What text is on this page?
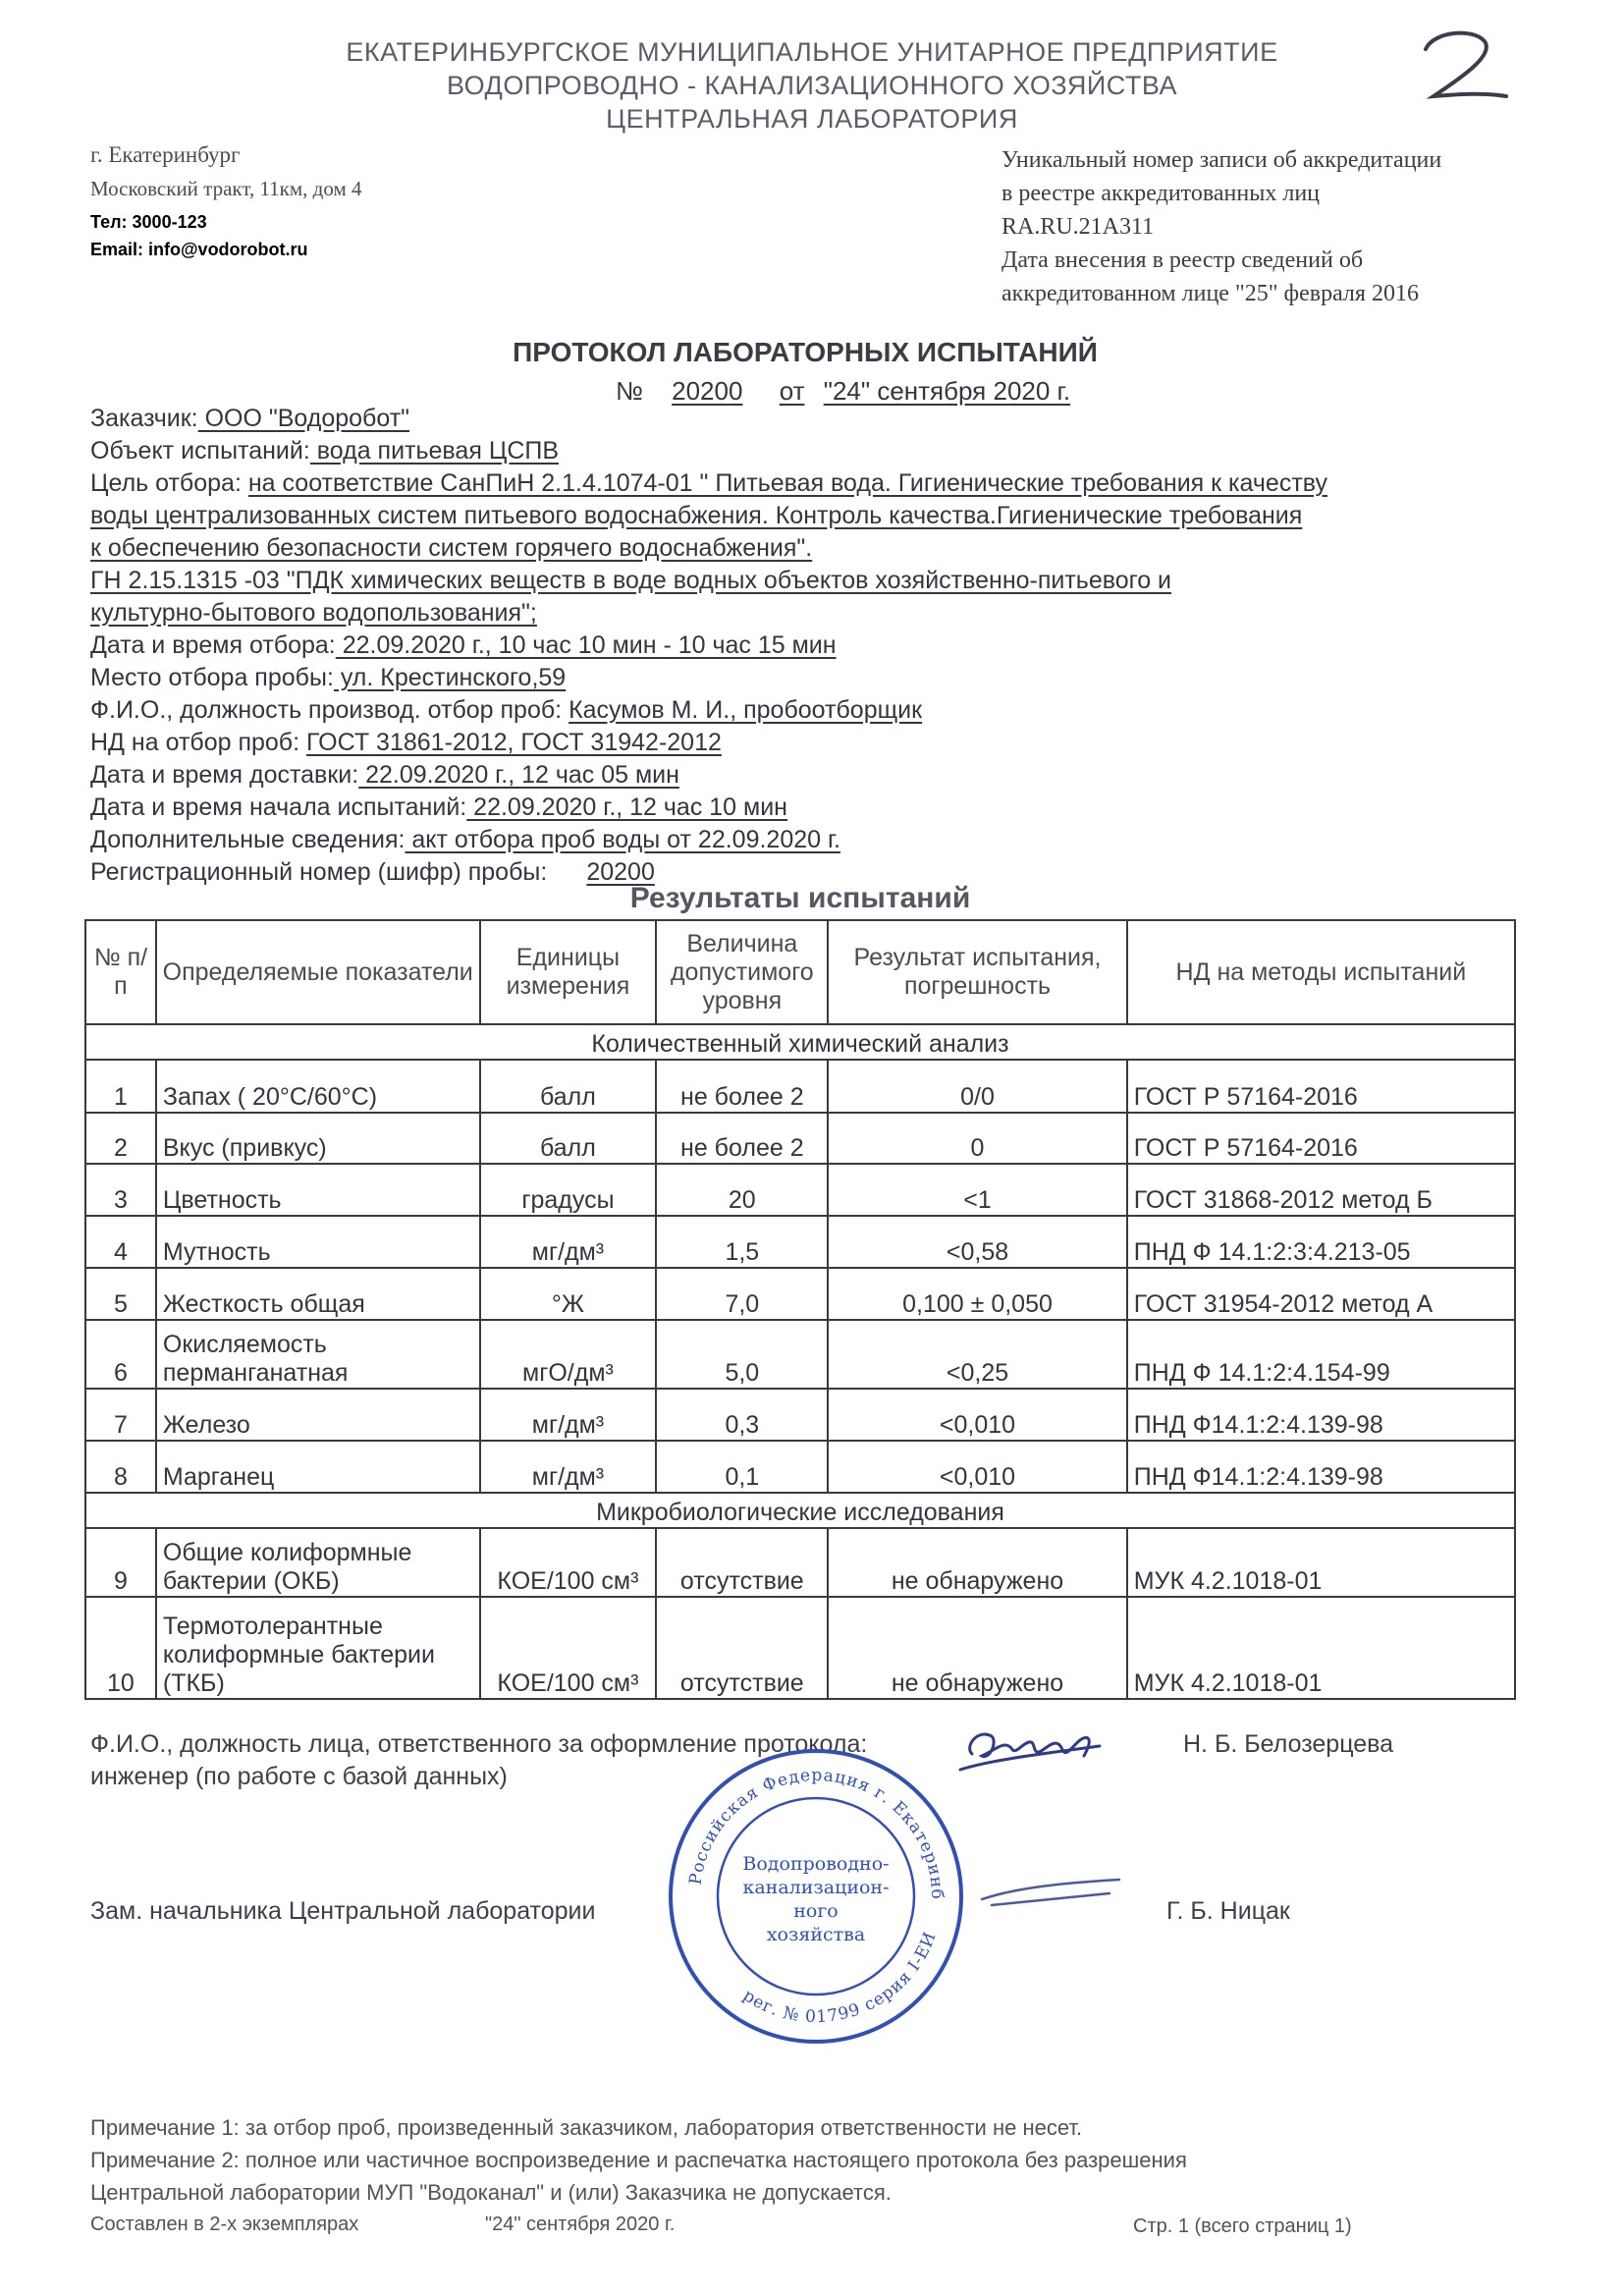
ЕКАТЕРИНБУРГСКОЕ МУНИЦИПАЛЬНОЕ УНИТАРНОЕ ПРЕДПРИЯТИЕ
ВОДОПРОВОДНО - КАНАЛИЗАЦИОННОГО ХОЗЯЙСТВА
ЦЕНТРАЛЬНАЯ ЛАБОРАТОРИЯ
г. Екатеринбург
Московский тракт, 11км, дом 4
Тел: 3000-123
Email: info@vodorobot.ru
Уникальный номер записи об аккредитации
в реестре аккредитованных лиц
RA.RU.21A311
Дата внесения в реестр сведений об
аккредитованном лице "25" февраля 2016
ПРОТОКОЛ ЛАБОРАТОРНЫХ ИСПЫТАНИЙ
№ 20200 от "24" сентября 2020 г.
Заказчик: ООО "Водоробот"
Объект испытаний: вода питьевая ЦСПВ
Цель отбора: на соответствие СанПиН 2.1.4.1074-01 " Питьевая вода. Гигиенические требования к качеству
воды централизованных систем питьевого водоснабжения. Контроль качества.Гигиенические требования
к обеспечению безопасности систем горячего водоснабжения".
ГН 2.15.1315 -03 "ПДК химических веществ в воде водных объектов хозяйственно-питьевого и
культурно-бытового водопользования";
Дата и время отбора: 22.09.2020 г., 10 час 10 мин - 10 час 15 мин
Место отбора пробы: ул. Крестинского,59
Ф.И.О., должность производ. отбор проб: Касумов М. И., пробоотборщик
НД на отбор проб: ГОСТ 31861-2012, ГОСТ 31942-2012
Дата и время доставки: 22.09.2020 г., 12 час 05 мин
Дата и время начала испытаний: 22.09.2020 г., 12 час 10 мин
Дополнительные сведения: акт отбора проб воды от 22.09.2020 г.
Регистрационный номер (шифр) пробы: 20200
Результаты испытаний
№ п/п	Определяемые показатели	Единицы измерения	Величина допустимого уровня	Результат испытания, погрешность	НД на методы испытаний
Количественный химический анализ					
1	Запах ( 20°С/60°С)	балл	не более 2	0/0	ГОСТ Р 57164-2016
2	Вкус (привкус)	балл	не более 2	0	ГОСТ Р 57164-2016
3	Цветность	градусы	20	<1	ГОСТ 31868-2012 метод Б
4	Мутность	мг/дм³	1,5	<0,58	ПНД Ф 14.1:2:3:4.213-05
5	Жесткость общая	°Ж	7,0	0,100 ± 0,050	ГОСТ 31954-2012 метод А
6	Окисляемость перманганатная	мгО/дм³	5,0	<0,25	ПНД Ф 14.1:2:4.154-99
7	Железо	мг/дм³	0,3	<0,010	ПНД Ф14.1:2:4.139-98
8	Марганец	мг/дм³	0,1	<0,010	ПНД Ф14.1:2:4.139-98
Микробиологические исследования					
9	Общие колиформные бактерии (ОКБ)	КОЕ/100 см³	отсутствие	не обнаружено	МУК 4.2.1018-01
10	Термотолерантные колиформные бактерии (ТКБ)	КОЕ/100 см³	отсутствие	не обнаружено	МУК 4.2.1018-01
Ф.И.О., должность лица, ответственного за оформление протокола:
инженер (по работе с базой данных)
Н. Б. Белозерцева
Зам. начальника Центральной лаборатории	Г. Б. Ницак
Российская Федерация г. Екатеринб
рег. № 01799 серия I-ЕИ
Водопроводно-
канализацион-
ного
хозяйства
Примечание 1: за отбор проб, произведенный заказчиком, лаборатория ответственности не несет.
Примечание 2: полное или частичное воспроизведение и распечатка настоящего протокола без разрешения
Центральной лаборатории МУП "Водоканал" и (или) Заказчика не допускается.
Составлен в 2-х экземплярах	"24" сентября 2020 г.	Стр. 1 (всего страниц 1)
